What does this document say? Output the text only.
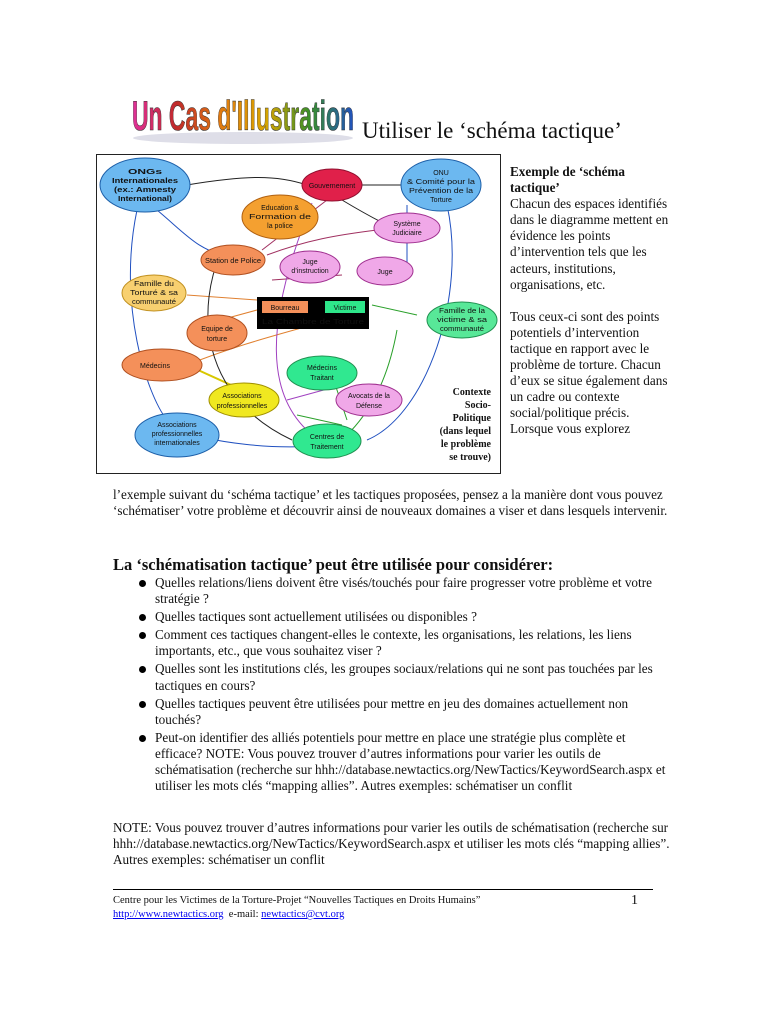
Un Cas d'Illustration Utiliser le ‘schéma tactique’
ONGs
Internationales
(ex.: Amnesty
International)
Gouvernement
ONU
& Comité pour la
Prévention de la
Torture
Education &
Formation de
la police	Système
Judiciaire
Station de Police	Juge
d’instruction	Juge
Famille du
Torturé & sa
communauté
Bourreau	Victime
La Chambre de Torture
Famille de la
victime & sa
communauté
Equipe de
torture
Médecins	Médecins
Traitant
Associations
professionnelles
Avocats de la
Défense
Associations
professionnelles
internationales
Centres de
Traitement
Contexte
Socio-
Politique
(dans lequel
le problème
se trouve)

Exemple de ‘schéma tactique’

Chacun des espaces identifiés dans le diagramme mettent en évidence les points d’intervention tels que les acteurs, institutions, organisations, etc.

Tous ceux-ci sont des points potentiels d’intervention tactique en rapport avec le problème de torture. Chacun d’eux se situe également dans un cadre ou contexte social/politique précis. Lorsque vous explorez

l’exemple suivant du ‘schéma tactique’ et les tactiques proposées, pensez a la manière dont vous pouvez ‘schématiser’ votre problème et découvrir ainsi de nouveaux domaines a viser et dans lesquels intervenir.
La ‘schématisation tactique’ peut être utilisée pour considérer:
Quelles relations/liens doivent être visés/touchés pour faire progresser votre problème et votre stratégie ?
Quelles tactiques sont actuellement utilisées ou disponibles ?
Comment ces tactiques changent-elles le contexte, les organisations, les relations, les liens importants, etc., que vous souhaitez viser ?
Quelles sont les institutions clés, les groupes sociaux/relations qui ne sont pas touchées par les tactiques en cours?
Quelles tactiques peuvent être utilisées pour mettre en jeu des domaines actuellement non touchés?
Peut-on identifier des alliés potentiels pour mettre en place une stratégie plus complète et efficace? NOTE: Vous pouvez trouver d’autres informations pour varier les outils de schématisation (recherche sur hhh://database.newtactics.org/NewTactics/KeywordSearch.aspx et utiliser les mots clés “mapping allies”. Autres exemples: schématiser un conflit
NOTE: Vous pouvez trouver d’autres informations pour varier les outils de schématisation (recherche sur hhh://database.newtactics.org/NewTactics/KeywordSearch.aspx et utiliser les mots clés “mapping allies”. Autres exemples: schématiser un conflit
Centre pour les Victimes de la Torture-Projet “Nouvelles Tactiques en Droits Humains”	1
http://www.newtactics.org e-mail: newtactics@cvt.org
